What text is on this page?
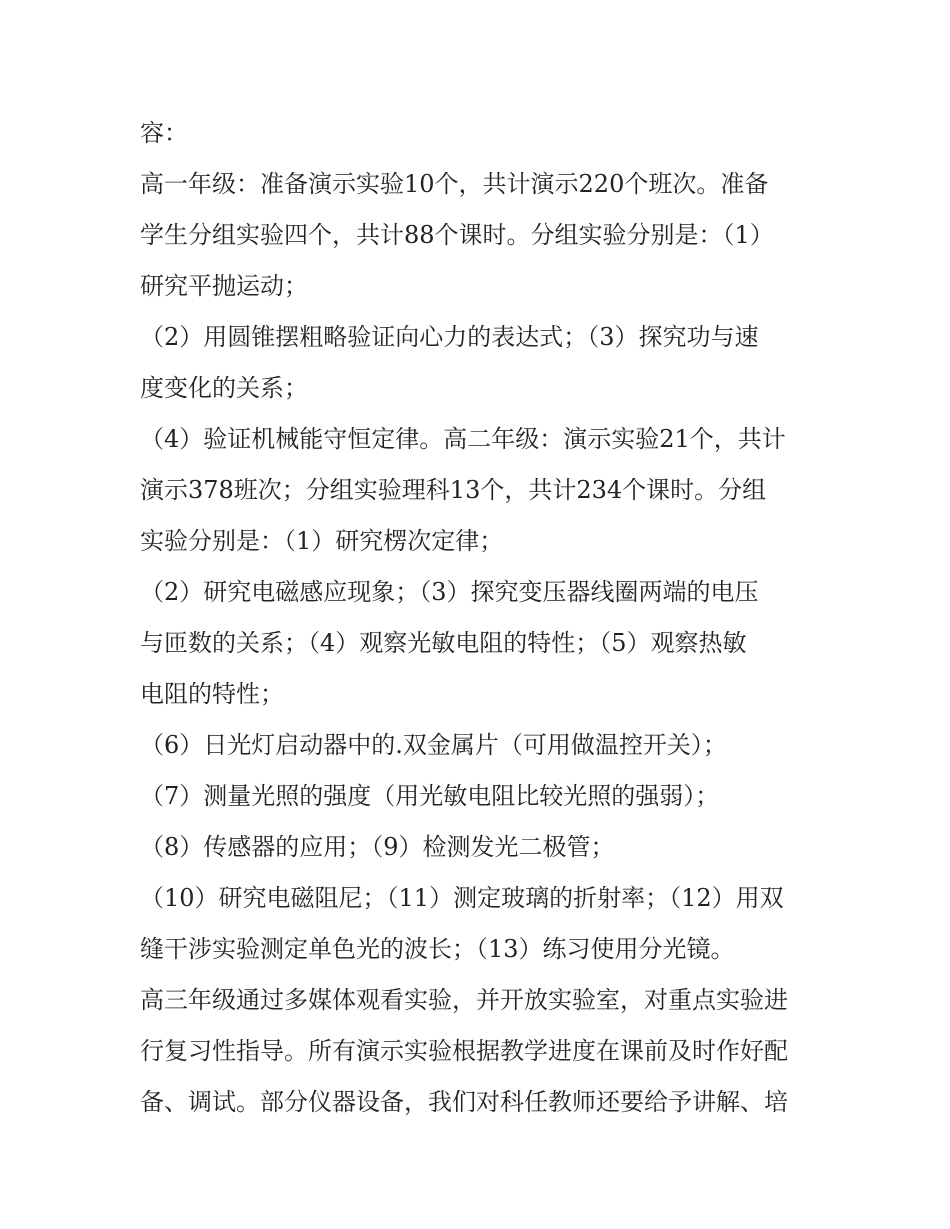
容：
高一年级：准备演示实验10个，共计演示220个班次。准备
学生分组实验四个，共计88个课时。分组实验分别是：（1）
研究平抛运动；
（2）用圆锥摆粗略验证向心力的表达式；（3）探究功与速
度变化的关系；
（4）验证机械能守恒定律。高二年级：演示实验21个，共计
演示378班次；分组实验理科13个，共计234个课时。分组
实验分别是：（1）研究楞次定律；
（2）研究电磁感应现象；（3）探究变压器线圈两端的电压
与匝数的关系；（4）观察光敏电阻的特性；（5）观察热敏
电阻的特性；
（6）日光灯启动器中的.双金属片（可用做温控开关）；
（7）测量光照的强度（用光敏电阻比较光照的强弱）；
（8）传感器的应用；（9）检测发光二极管；
（10）研究电磁阻尼；（11）测定玻璃的折射率；（12）用双
缝干涉实验测定单色光的波长；（13）练习使用分光镜。
高三年级通过多媒体观看实验，并开放实验室，对重点实验进
行复习性指导。所有演示实验根据教学进度在课前及时作好配
备、调试。部分仪器设备，我们对科任教师还要给予讲解、培
